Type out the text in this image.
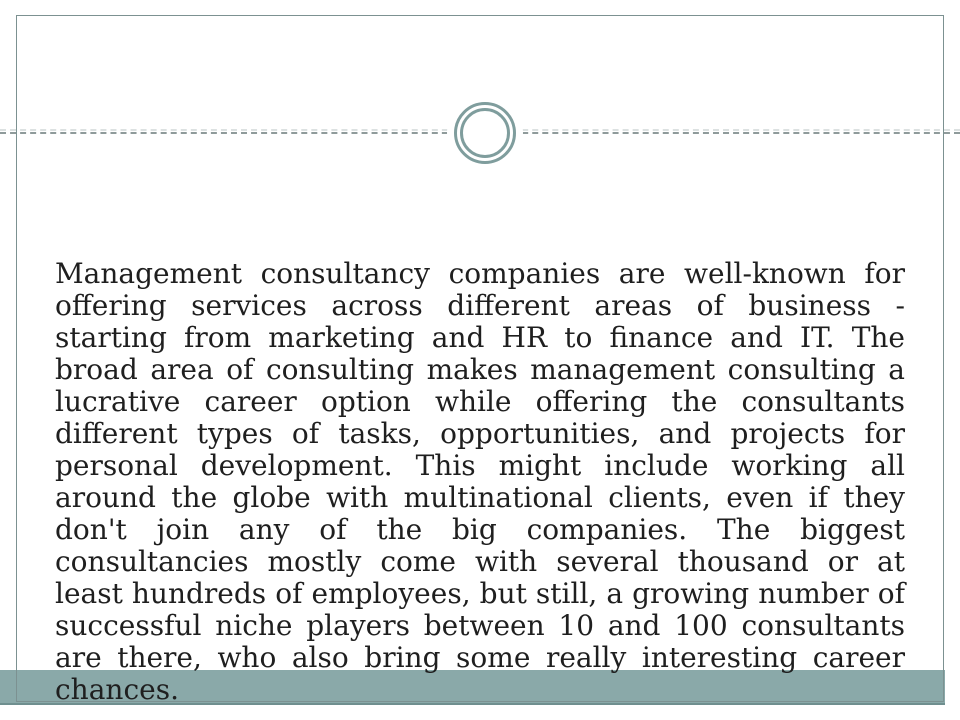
Management consultancy companies are well-known for offering services across different areas of business - starting from marketing and HR to finance and IT. The broad area of consulting makes management consulting a lucrative career option while offering the consultants different types of tasks, opportunities, and projects for personal development. This might include working all around the globe with multinational clients, even if they don't join any of the big companies. The biggest consultancies mostly come with several thousand or at least hundreds of employees, but still, a growing number of successful niche players between 10 and 100 consultants are there, who also bring some really interesting career chances.
